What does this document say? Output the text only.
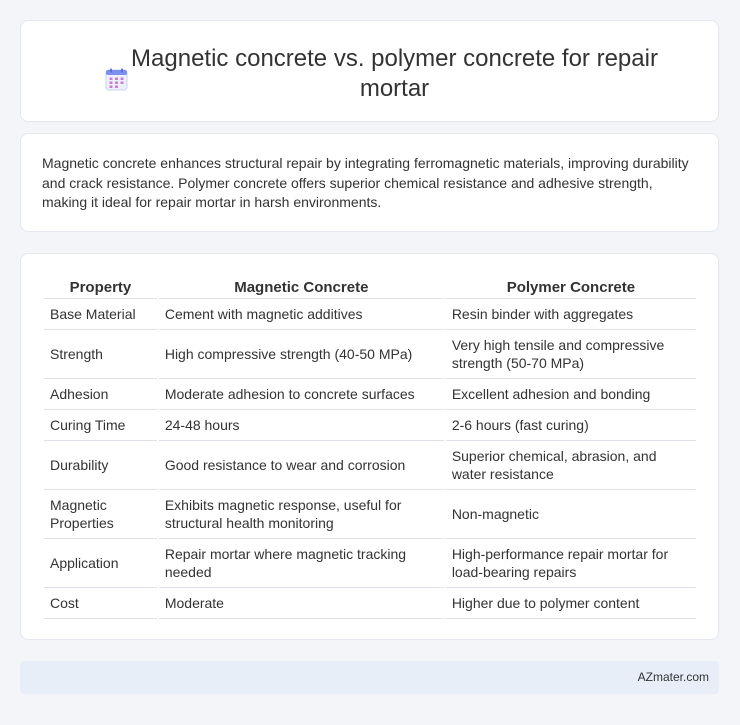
Magnetic concrete vs. polymer concrete for repair mortar

Magnetic concrete enhances structural repair by integrating ferromagnetic materials, improving durability and crack resistance. Polymer concrete offers superior chemical resistance and adhesive strength, making it ideal for repair mortar in harsh environments.

Property	Magnetic Concrete	Polymer Concrete
Base Material	Cement with magnetic additives	Resin binder with aggregates
Strength	High compressive strength (40-50 MPa)	Very high tensile and compressive strength (50-70 MPa)
Adhesion	Moderate adhesion to concrete surfaces	Excellent adhesion and bonding
Curing Time	24-48 hours	2-6 hours (fast curing)
Durability	Good resistance to wear and corrosion	Superior chemical, abrasion, and water resistance
Magnetic Properties	Exhibits magnetic response, useful for structural health monitoring	Non-magnetic
Application	Repair mortar where magnetic tracking needed	High-performance repair mortar for load-bearing repairs
Cost	Moderate	Higher due to polymer content
AZmater.com
